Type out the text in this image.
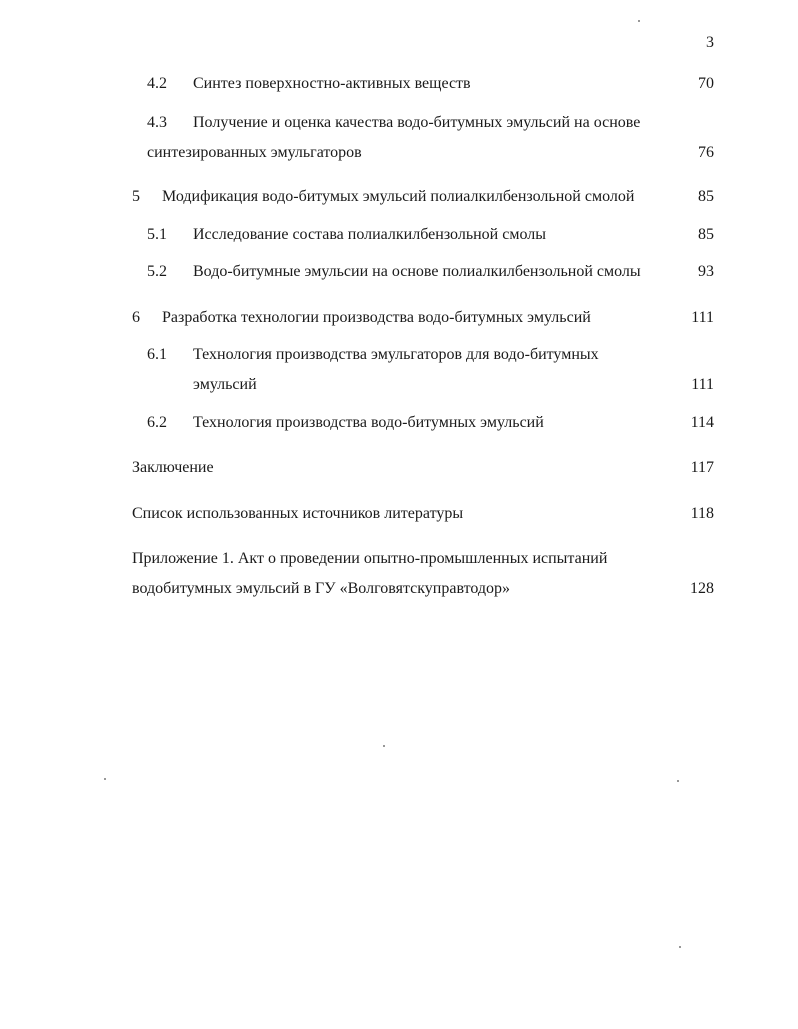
3
4.2 Синтез поверхностно-активных веществ	70
4.3 Получение и оценка качества водо-битумных эмульсий на основе
синтезированных эмульгаторов	76
5 Модификация водо-битумых эмульсий полиалкилбензольной смолой	85
5.1 Исследование состава полиалкилбензольной смолы	85
5.2 Водо-битумные эмульсии на основе полиалкилбензольной смолы	93
6 Разработка технологии производства водо-битумных эмульсий	111
6.1 Технология производства эмульгаторов для водо-битумных
эмульсий	111
6.2 Технология производства водо-битумных эмульсий	114
Заключение	117
Список использованных источников литературы	118
Приложение 1. Акт о проведении опытно-промышленных испытаний
водобитумных эмульсий в ГУ «Волговятскуправтодор»	128
